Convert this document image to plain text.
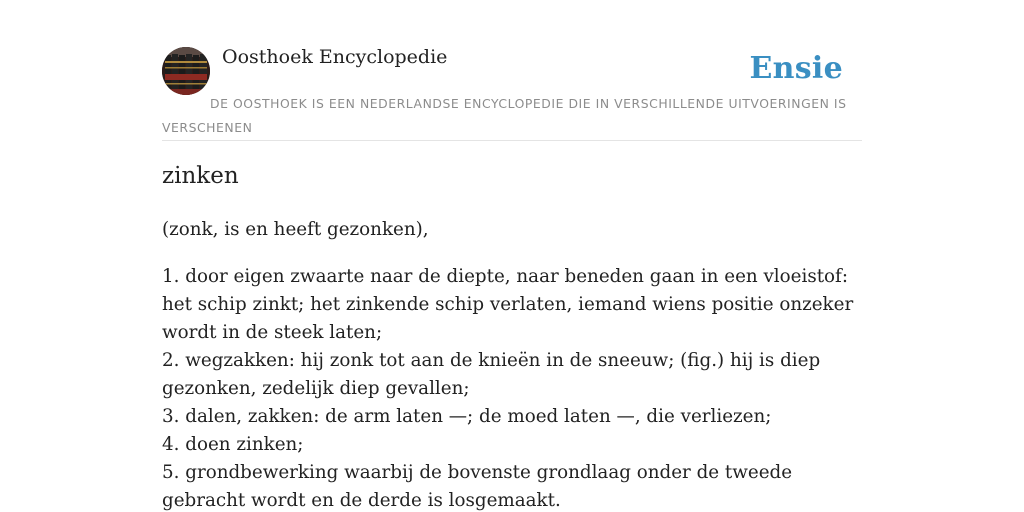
Oosthoek Encyclopedie	Ensie
DE OOSTHOEK IS EEN NEDERLANDSE ENCYCLOPEDIE DIE IN VERSCHILLENDE UITVOERINGEN IS VERSCHENEN
zinken

(zonk, is en heeft gezonken),

1. door eigen zwaarte naar de diepte, naar beneden gaan in een vloeistof: het schip zinkt; het zinkende schip verlaten, iemand wiens positie onzeker wordt in de steek laten;

2. wegzakken: hij zonk tot aan de knieën in de sneeuw; (fig.) hij is diep gezonken, zedelijk diep gevallen;

3. dalen, zakken: de arm laten —; de moed laten —, die verliezen;

4. doen zinken;

5. grondbewerking waarbij de bovenste grondlaag onder de tweede gebracht wordt en de derde is losgemaakt.
